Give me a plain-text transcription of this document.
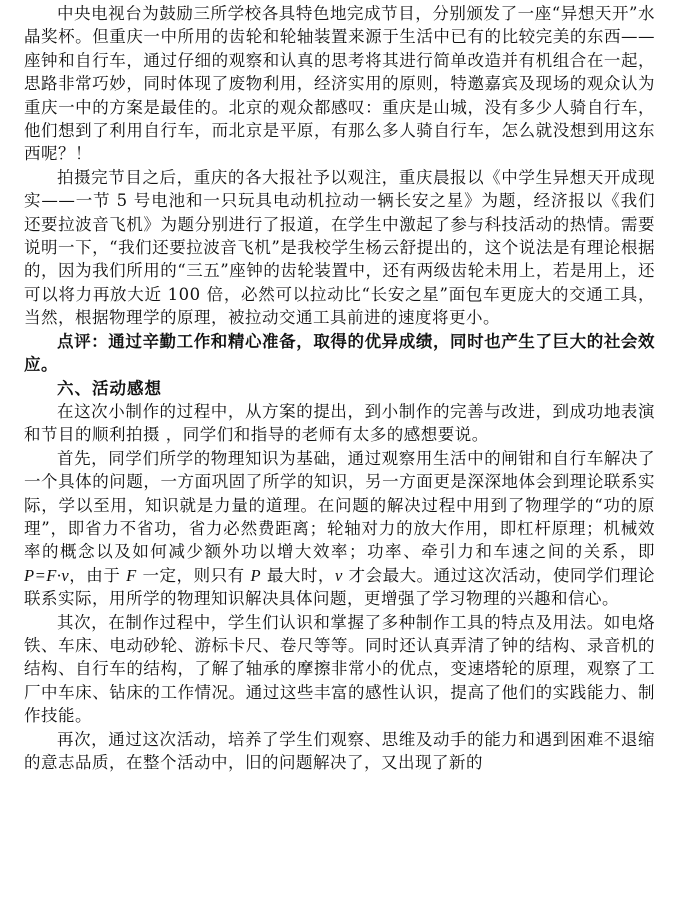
中央电视台为鼓励三所学校各具特色地完成节目，分别颁发了一座“异想天开”水晶奖杯。但重庆一中所用的齿轮和轮轴装置来源于生活中已有的比较完美的东西——座钟和自行车，通过仔细的观察和认真的思考将其进行简单改造并有机组合在一起，思路非常巧妙，同时体现了废物利用，经济实用的原则，特邀嘉宾及现场的观众认为重庆一中的方案是最佳的。北京的观众都感叹：重庆是山城，没有多少人骑自行车，他们想到了利用自行车，而北京是平原，有那么多人骑自行车，怎么就没想到用这东西呢？！

拍摄完节目之后，重庆的各大报社予以观注，重庆晨报以《中学生异想天开成现实——一节 5 号电池和一只玩具电动机拉动一辆长安之星》为题，经济报以《我们还要拉波音飞机》为题分别进行了报道，在学生中激起了参与科技活动的热情。需要说明一下，“我们还要拉波音飞机”是我校学生杨云舒提出的，这个说法是有理论根据的，因为我们所用的“三五”座钟的齿轮装置中，还有两级齿轮未用上，若是用上，还可以将力再放大近 100 倍，必然可以拉动比“长安之星”面包车更庞大的交通工具，当然，根据物理学的原理，被拉动交通工具前进的速度将更小。

点评：通过辛勤工作和精心准备，取得的优异成绩，同时也产生了巨大的社会效应。

六、活动感想

在这次小制作的过程中，从方案的提出，到小制作的完善与改进，到成功地表演和节目的顺利拍摄 ，同学们和指导的老师有太多的感想要说。

首先，同学们所学的物理知识为基础，通过观察用生活中的闸钳和自行车解决了一个具体的问题，一方面巩固了所学的知识，另一方面更是深深地体会到理论联系实际，学以至用，知识就是力量的道理。在问题的解决过程中用到了物理学的“功的原理”，即省力不省功，省力必然费距离；轮轴对力的放大作用，即杠杆原理；机械效率的概念以及如何减少额外功以增大效率；功率、牵引力和车速之间的关系，即 P=F·v，由于 F 一定，则只有 P 最大时，v 才会最大。通过这次活动，使同学们理论联系实际，用所学的物理知识解决具体问题，更增强了学习物理的兴趣和信心。

其次，在制作过程中，学生们认识和掌握了多种制作工具的特点及用法。如电烙铁、车床、电动砂轮、游标卡尺、卷尺等等。同时还认真弄清了钟的结构、录音机的结构、自行车的结构，了解了轴承的摩擦非常小的优点，变速塔轮的原理，观察了工厂中车床、钻床的工作情况。通过这些丰富的感性认识，提高了他们的实践能力、制作技能。

再次，通过这次活动，培养了学生们观察、思维及动手的能力和遇到困难不退缩的意志品质，在整个活动中，旧的问题解决了，又出现了新的
